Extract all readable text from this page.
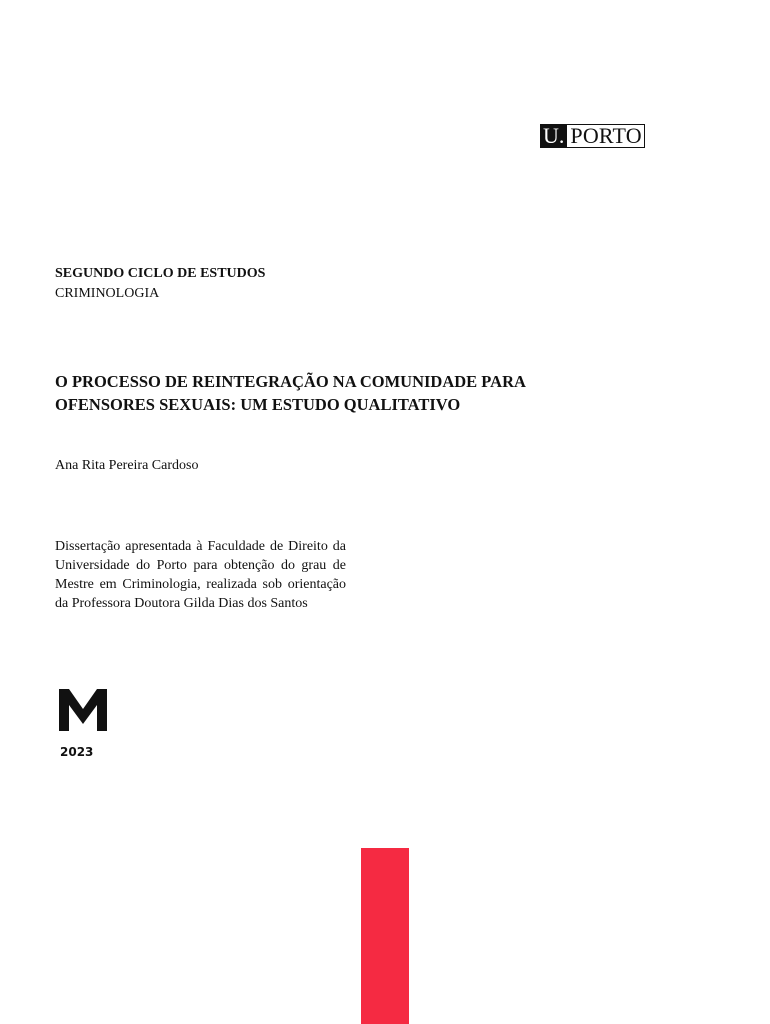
U. PORTO
SEGUNDO CICLO DE ESTUDOS
CRIMINOLOGIA
O PROCESSO DE REINTEGRAÇÃO NA COMUNIDADE PARA
OFENSORES SEXUAIS: UM ESTUDO QUALITATIVO
Ana Rita Pereira Cardoso
Dissertação apresentada à Faculdade de Direito da Universidade do Porto para obtenção do grau de Mestre em Criminologia, realizada sob orientação da Professora Doutora Gilda Dias dos Santos
2023
